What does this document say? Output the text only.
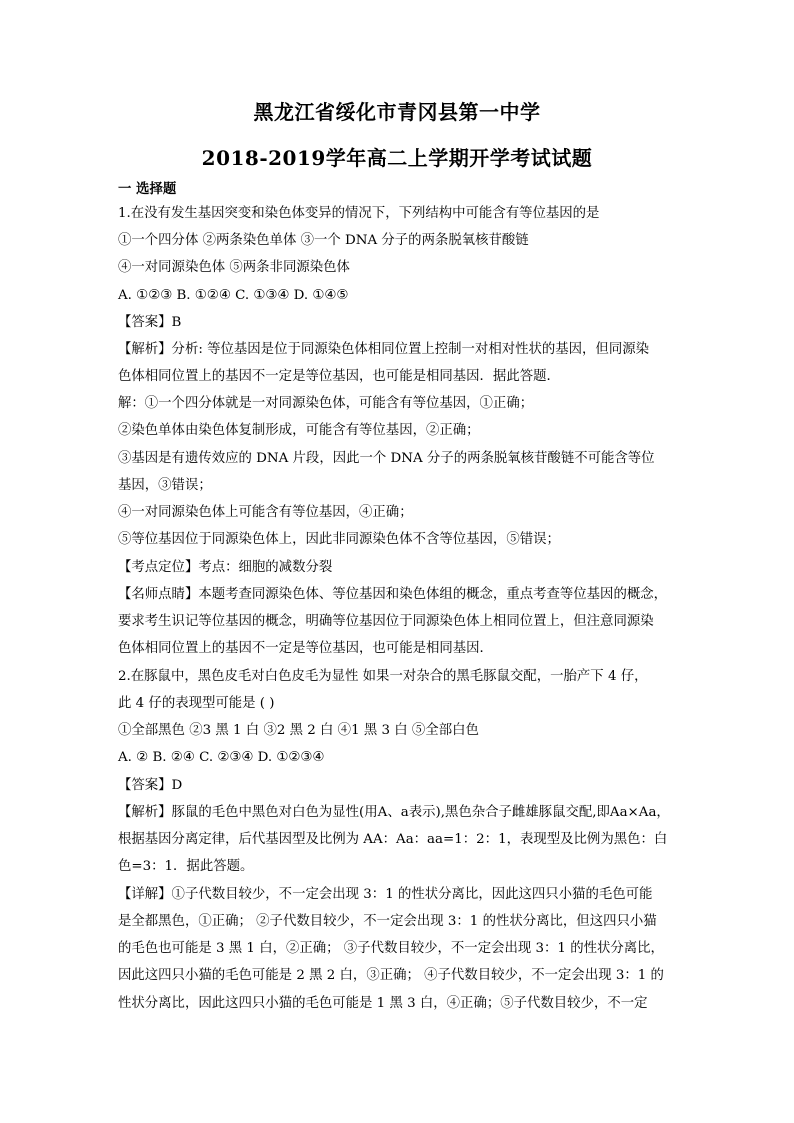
黑龙江省绥化市青冈县第一中学
2018-2019学年高二上学期开学考试试题
一 选择题
1.在没有发生基因突变和染色体变异的情况下，下列结构中可能含有等位基因的是
①一个四分体 ②两条染色单体 ③一个 DNA 分子的两条脱氧核苷酸链
④一对同源染色体 ⑤两条非同源染色体
A. ①②③ B. ①②④ C. ①③④ D. ①④⑤
【答案】B
【解析】分析: 等位基因是位于同源染色体相同位置上控制一对相对性状的基因，但同源染
色体相同位置上的基因不一定是等位基因，也可能是相同基因．据此答题．
解：①一个四分体就是一对同源染色体，可能含有等位基因，①正确；
②染色单体由染色体复制形成，可能含有等位基因，②正确；
③基因是有遗传效应的 DNA 片段，因此一个 DNA 分子的两条脱氧核苷酸链不可能含等位
基因，③错误；
④一对同源染色体上可能含有等位基因，④正确；
⑤等位基因位于同源染色体上，因此非同源染色体不含等位基因，⑤错误；
【考点定位】考点：细胞的减数分裂
【名师点睛】本题考查同源染色体、等位基因和染色体组的概念，重点考查等位基因的概念，
要求考生识记等位基因的概念，明确等位基因位于同源染色体上相同位置上，但注意同源染
色体相同位置上的基因不一定是等位基因，也可能是相同基因．
2.在豚鼠中，黑色皮毛对白色皮毛为显性 如果一对杂合的黑毛豚鼠交配，一胎产下 4 仔，
此 4 仔的表现型可能是 ( )
①全部黑色 ②3 黑 1 白 ③2 黑 2 白 ④1 黑 3 白 ⑤全部白色
A. ② B. ②④ C. ②③④ D. ①②③④
【答案】D
【解析】豚鼠的毛色中黑色对白色为显性(用A、a表示),黑色杂合子雌雄豚鼠交配,即Aa×Aa，
根据基因分离定律，后代基因型及比例为 AA：Aa：aa=1：2：1，表现型及比例为黑色：白
色=3：1．据此答题。
【详解】①子代数目较少，不一定会出现 3：1 的性状分离比，因此这四只小猫的毛色可能
是全都黑色，①正确； ②子代数目较少，不一定会出现 3：1 的性状分离比，但这四只小猫
的毛色也可能是 3 黑 1 白，②正确； ③子代数目较少，不一定会出现 3：1 的性状分离比，
因此这四只小猫的毛色可能是 2 黑 2 白，③正确； ④子代数目较少，不一定会出现 3：1 的
性状分离比，因此这四只小猫的毛色可能是 1 黑 3 白，④正确；⑤子代数目较少，不一定
